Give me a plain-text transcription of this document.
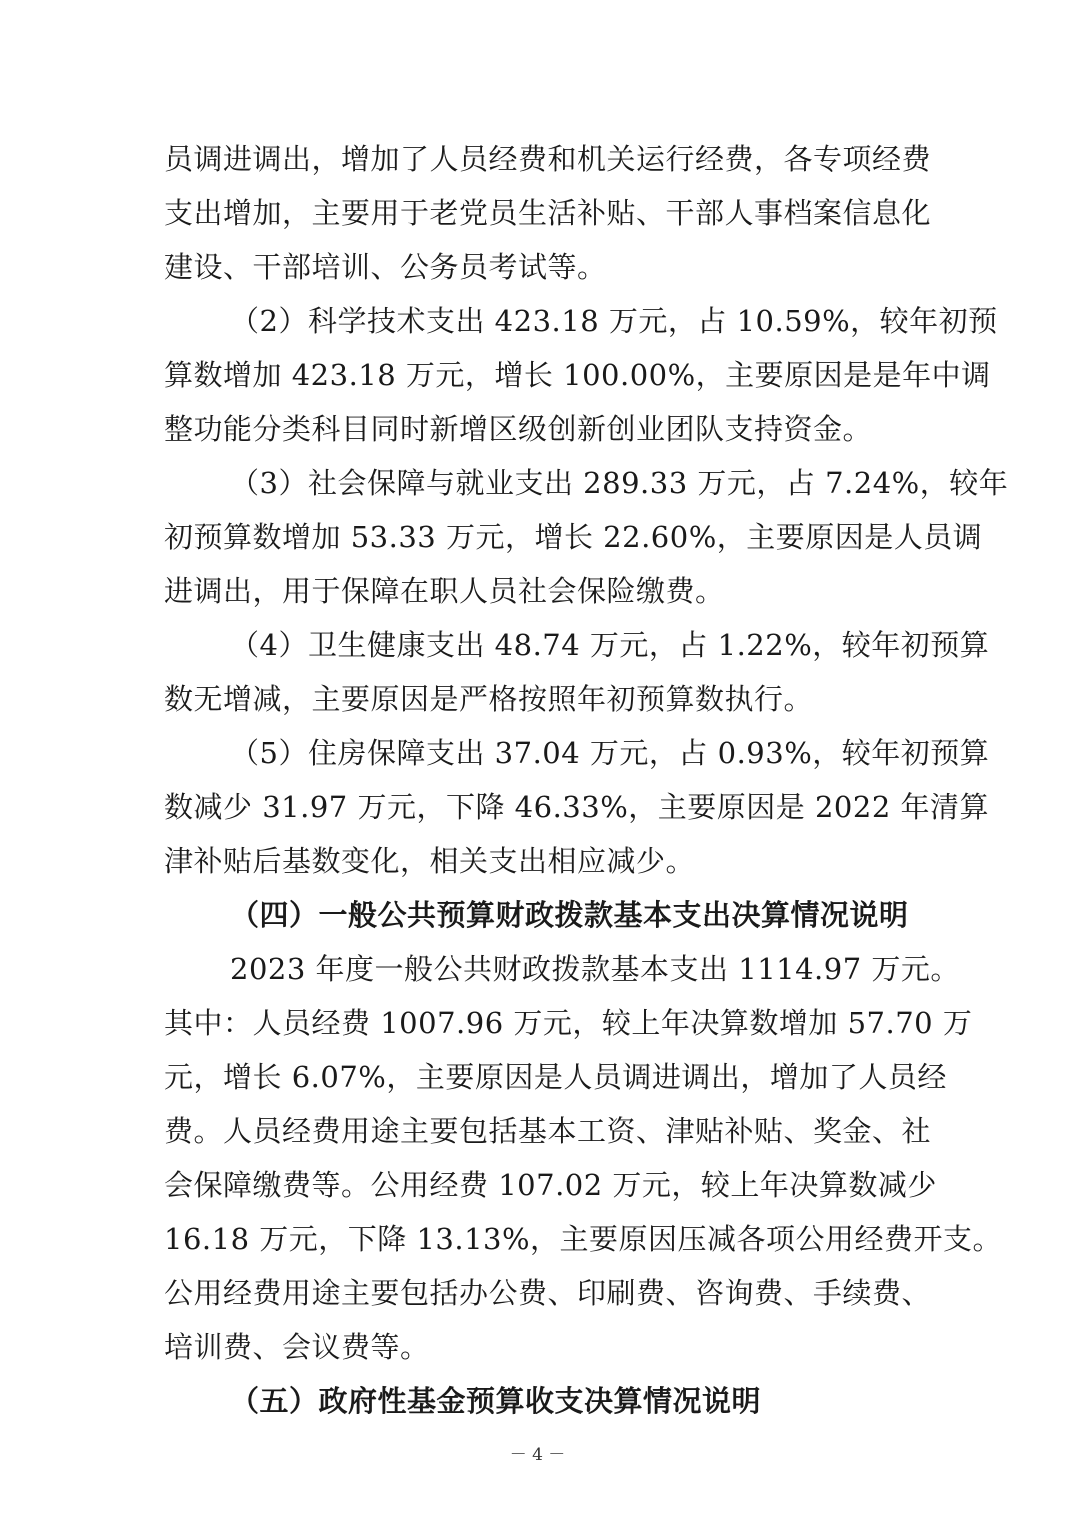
员调进调出，增加了人员经费和机关运行经费，各专项经费
支出增加，主要用于老党员生活补贴、干部人事档案信息化
建设、干部培训、公务员考试等。
（2）科学技术支出 423.18 万元，占 10.59%，较年初预
算数增加 423.18 万元，增长 100.00%，主要原因是是年中调
整功能分类科目同时新增区级创新创业团队支持资金。
（3）社会保障与就业支出 289.33 万元，占 7.24%，较年
初预算数增加 53.33 万元，增长 22.60%，主要原因是人员调
进调出，用于保障在职人员社会保险缴费。
（4）卫生健康支出 48.74 万元，占 1.22%，较年初预算
数无增减，主要原因是严格按照年初预算数执行。
（5）住房保障支出 37.04 万元，占 0.93%，较年初预算
数减少 31.97 万元，下降 46.33%，主要原因是 2022 年清算
津补贴后基数变化，相关支出相应减少。
（四）一般公共预算财政拨款基本支出决算情况说明
2023 年度一般公共财政拨款基本支出 1114.97 万元。
其中：人员经费 1007.96 万元，较上年决算数增加 57.70 万
元，增长 6.07%，主要原因是人员调进调出，增加了人员经
费。人员经费用途主要包括基本工资、津贴补贴、奖金、社
会保障缴费等。公用经费 107.02 万元，较上年决算数减少
16.18 万元，下降 13.13%，主要原因压减各项公用经费开支。
公用经费用途主要包括办公费、印刷费、咨询费、手续费、
培训费、会议费等。
（五）政府性基金预算收支决算情况说明
－ 4 －
